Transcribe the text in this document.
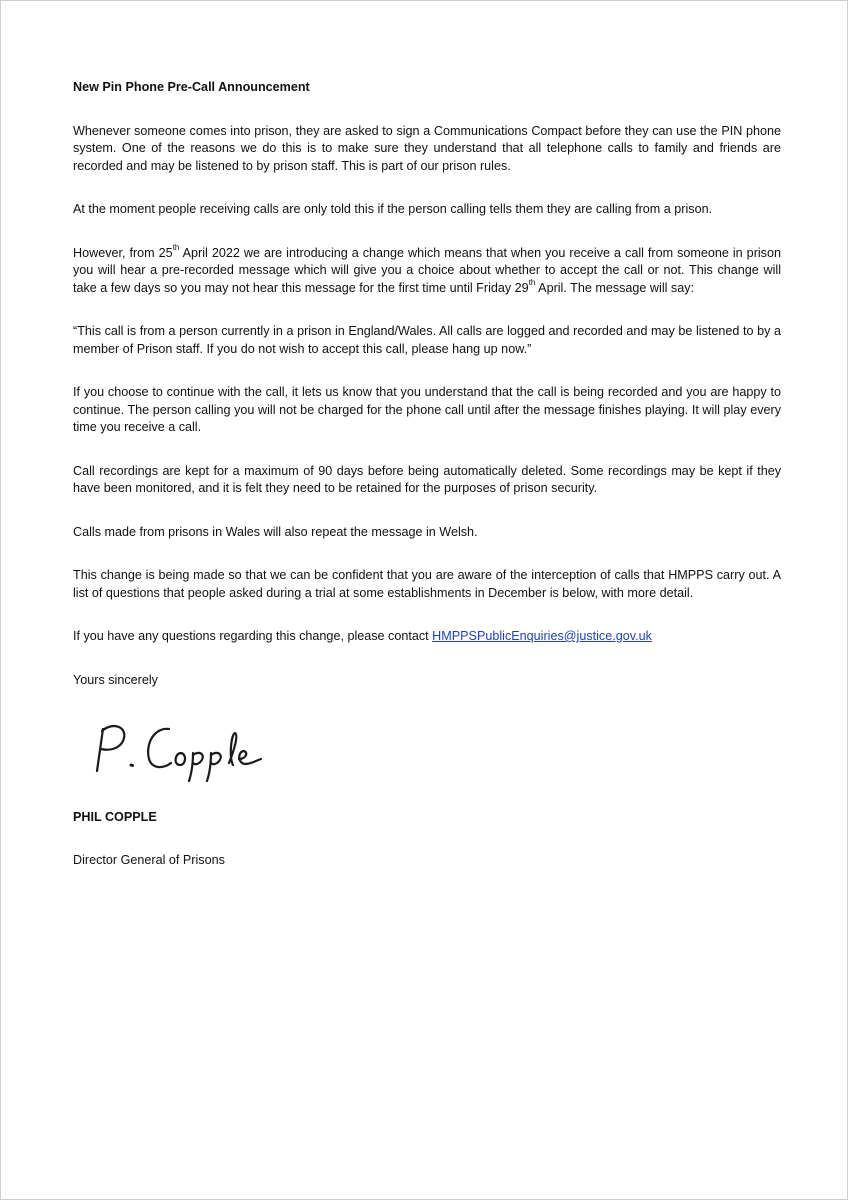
New Pin Phone Pre-Call Announcement

Whenever someone comes into prison, they are asked to sign a Communications Compact before they can use the PIN phone system. One of the reasons we do this is to make sure they understand that all telephone calls to family and friends are recorded and may be listened to by prison staff. This is part of our prison rules.

At the moment people receiving calls are only told this if the person calling tells them they are calling from a prison.

However, from 25th April 2022 we are introducing a change which means that when you receive a call from someone in prison you will hear a pre-recorded message which will give you a choice about whether to accept the call or not. This change will take a few days so you may not hear this message for the first time until Friday 29th April. The message will say:

“This call is from a person currently in a prison in England/Wales. All calls are logged and recorded and may be listened to by a member of Prison staff. If you do not wish to accept this call, please hang up now.”

If you choose to continue with the call, it lets us know that you understand that the call is being recorded and you are happy to continue. The person calling you will not be charged for the phone call until after the message finishes playing. It will play every time you receive a call.

Call recordings are kept for a maximum of 90 days before being automatically deleted. Some recordings may be kept if they have been monitored, and it is felt they need to be retained for the purposes of prison security.

Calls made from prisons in Wales will also repeat the message in Welsh.

This change is being made so that we can be confident that you are aware of the interception of calls that HMPPS carry out. A list of questions that people asked during a trial at some establishments in December is below, with more detail.

If you have any questions regarding this change, please contact HMPPSPublicEnquiries@justice.gov.uk

Yours sincerely

PHIL COPPLE

Director General of Prisons
